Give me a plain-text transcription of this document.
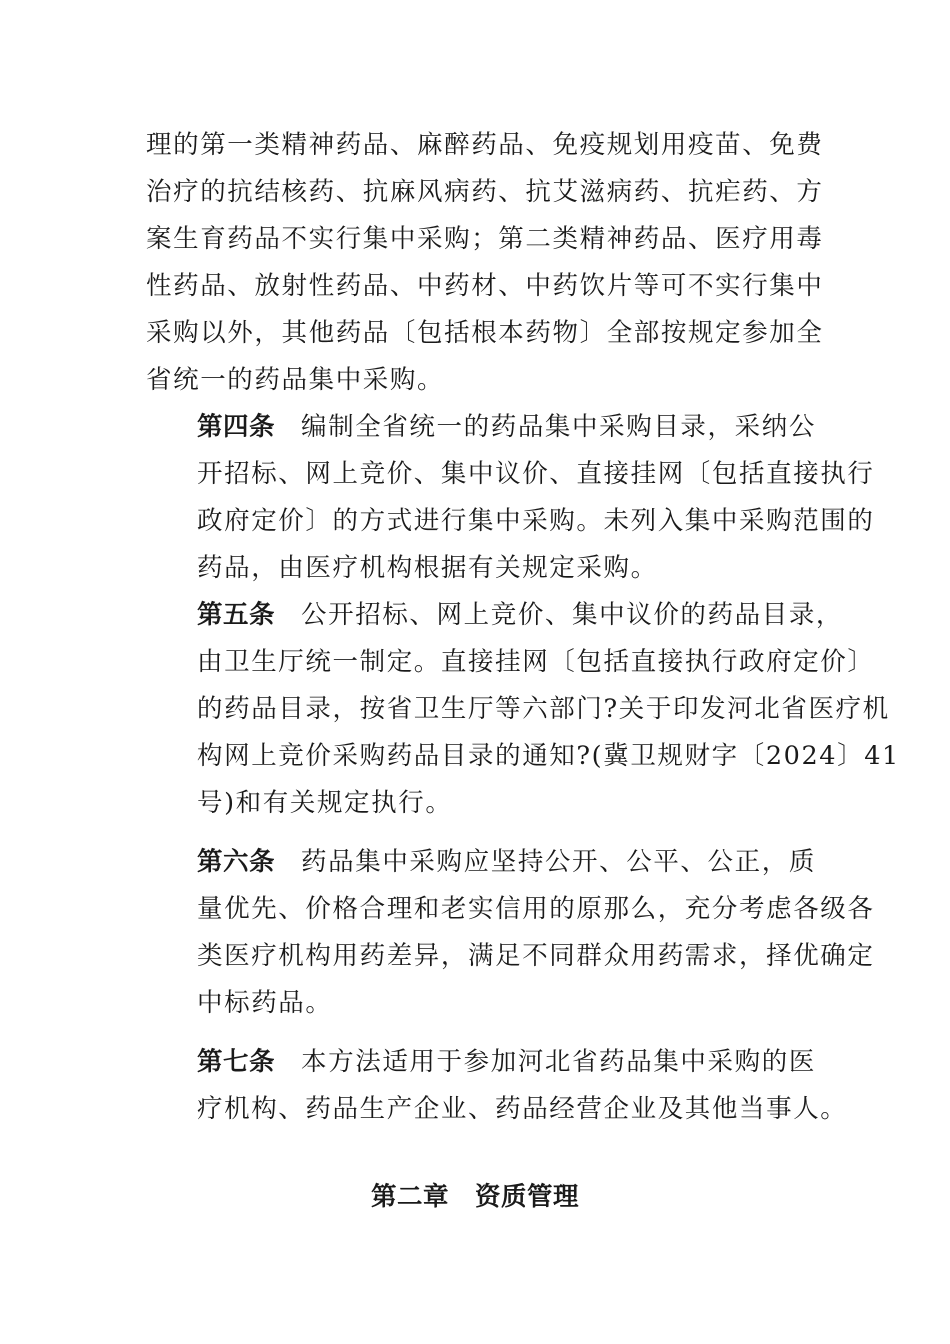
理的第一类精神药品、麻醉药品、免疫规划用疫苗、免费
治疗的抗结核药、抗麻风病药、抗艾滋病药、抗疟药、方
案生育药品不实行集中采购；第二类精神药品、医疗用毒
性药品、放射性药品、中药材、中药饮片等可不实行集中
采购以外，其他药品〔包括根本药物〕全部按规定参加全
省统一的药品集中采购。

第四条 编制全省统一的药品集中采购目录，采纳公
开招标、网上竞价、集中议价、直接挂网〔包括直接执行
政府定价〕的方式进行集中采购。未列入集中采购范围的
药品，由医疗机构根据有关规定采购。

第五条 公开招标、网上竞价、集中议价的药品目录，
由卫生厅统一制定。直接挂网〔包括直接执行政府定价〕
的药品目录，按省卫生厅等六部门?关于印发河北省医疗机
构网上竞价采购药品目录的通知?(冀卫规财字〔2024〕41
号)和有关规定执行。

第六条 药品集中采购应坚持公开、公平、公正，质
量优先、价格合理和老实信用的原那么，充分考虑各级各
类医疗机构用药差异，满足不同群众用药需求，择优确定
中标药品。

第七条 本方法适用于参加河北省药品集中采购的医
疗机构、药品生产企业、药品经营企业及其他当事人。

第二章　资质管理
